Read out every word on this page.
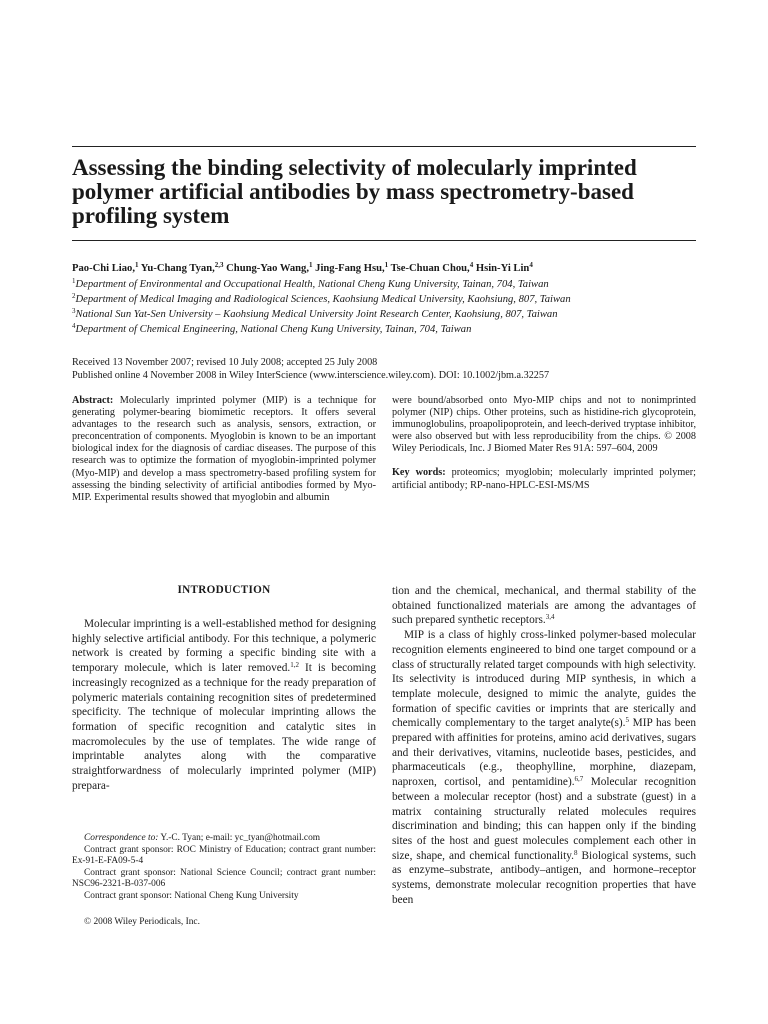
Assessing the binding selectivity of molecularly imprinted polymer artificial antibodies by mass spectrometry-based profiling system
Pao-Chi Liao,$^1$ Yu-Chang Tyan,$^{2,3}$ Chung-Yao Wang,$^1$ Jing-Fang Hsu,$^1$ Tse-Chuan Chou,$^4$ Hsin-Yi Lin$^4$
$^1$Department of Environmental and Occupational Health, National Cheng Kung University, Tainan, 704, Taiwan
$^2$Department of Medical Imaging and Radiological Sciences, Kaohsiung Medical University, Kaohsiung, 807, Taiwan
$^3$National Sun Yat-Sen University – Kaohsiung Medical University Joint Research Center, Kaohsiung, 807, Taiwan
$^4$Department of Chemical Engineering, National Cheng Kung University, Tainan, 704, Taiwan
Received 13 November 2007; revised 10 July 2008; accepted 25 July 2008
Published online 4 November 2008 in Wiley InterScience (www.interscience.wiley.com). DOI: 10.1002/jbm.a.32257

Abstract: Molecularly imprinted polymer (MIP) is a technique for generating polymer-bearing biomimetic receptors. It offers several advantages to the research such as analysis, sensors, extraction, or preconcentration of components. Myoglobin is known to be an important biological index for the diagnosis of cardiac diseases. The purpose of this research was to optimize the formation of myoglobin-imprinted polymer (Myo-MIP) and develop a mass spectrometry-based profiling system for assessing the binding selectivity of artificial antibodies formed by Myo-MIP. Experimental results showed that myoglobin and albumin

were bound/absorbed onto Myo-MIP chips and not to nonimprinted polymer (NIP) chips. Other proteins, such as histidine-rich glycoprotein, immunoglobulins, proapolipoprotein, and leech-derived tryptase inhibitor, were also observed but with less reproducibility from the chips. © 2008 Wiley Periodicals, Inc. J Biomed Mater Res 91A: 597–604, 2009

Key words: proteomics; myoglobin; molecularly imprinted polymer; artificial antibody; RP-nano-HPLC-ESI-MS/MS

INTRODUCTION

Molecular imprinting is a well-established method for designing highly selective artificial antibody. For this technique, a polymeric network is created by forming a specific binding site with a temporary molecule, which is later removed.$^{1,2}$ It is becoming increasingly recognized as a technique for the ready preparation of polymeric materials containing recognition sites of predetermined specificity. The technique of molecular imprinting allows the formation of specific recognition and catalytic sites in macromolecules by the use of templates. The wide range of imprintable analytes along with the comparative straightforwardness of molecularly imprinted polymer (MIP) prepara-

tion and the chemical, mechanical, and thermal stability of the obtained functionalized materials are among the advantages of such prepared synthetic receptors.$^{3,4}$

MIP is a class of highly cross-linked polymer-based molecular recognition elements engineered to bind one target compound or a class of structurally related target compounds with high selectivity. Its selectivity is introduced during MIP synthesis, in which a template molecule, designed to mimic the analyte, guides the formation of specific cavities or imprints that are sterically and chemically complementary to the target analyte(s).$^5$ MIP has been prepared with affinities for proteins, amino acid derivatives, sugars and their derivatives, vitamins, nucleotide bases, pesticides, and pharmaceuticals (e.g., theophylline, morphine, diazepam, naproxen, cortisol, and pentamidine).$^{6,7}$ Molecular recognition between a molecular receptor (host) and a substrate (guest) in a matrix containing structurally related molecules requires discrimination and binding; this can happen only if the binding sites of the host and guest molecules complement each other in size, shape, and chemical functionality.$^8$ Biological systems, such as enzyme–substrate, antibody–antigen, and hormone–receptor systems, demonstrate molecular recognition properties that have been

Correspondence to: Y.-C. Tyan; e-mail: yc_tyan@hotmail.com

Contract grant sponsor: ROC Ministry of Education; contract grant number: Ex-91-E-FA09-5-4

Contract grant sponsor: National Science Council; contract grant number: NSC96-2321-B-037-006

Contract grant sponsor: National Cheng Kung University

© 2008 Wiley Periodicals, Inc.
